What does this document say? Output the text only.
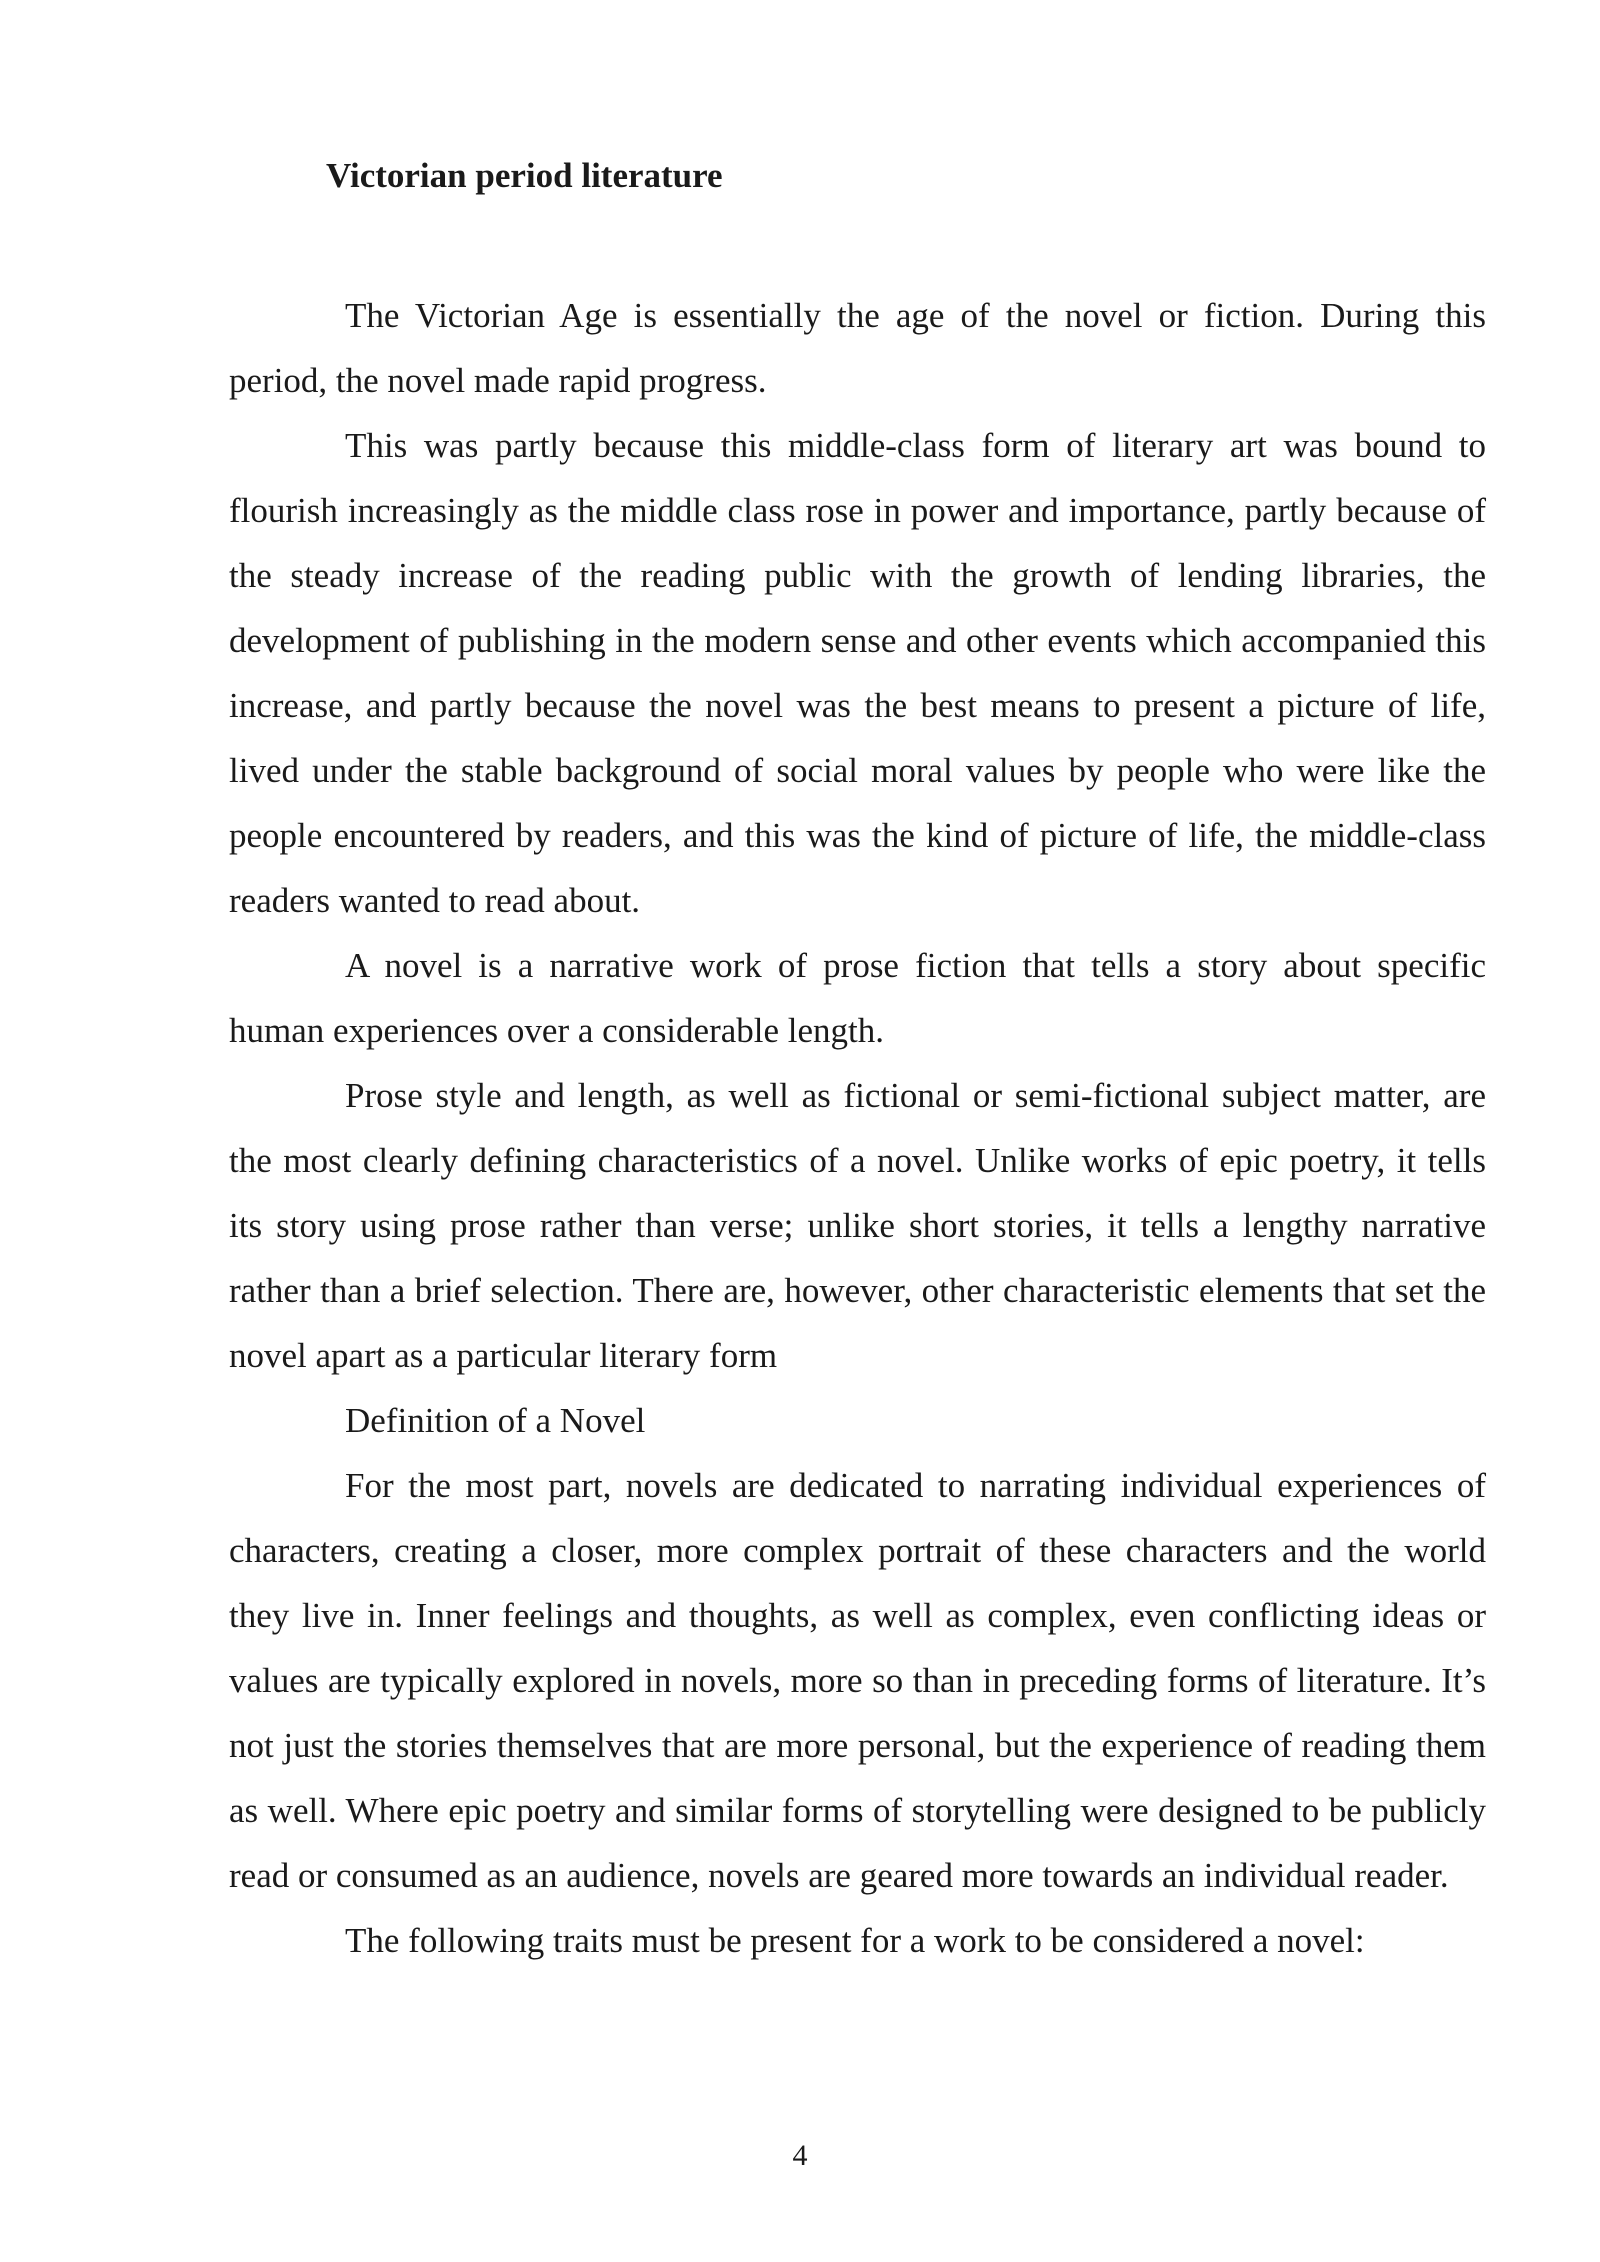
Victorian period literature

The Victorian Age is essentially the age of the novel or fiction. During this period, the novel made rapid progress.

This was partly because this middle-class form of literary art was bound to flourish increasingly as the middle class rose in power and importance, partly because of the steady increase of the reading public with the growth of lending libraries, the development of publishing in the modern sense and other events which accompanied this increase, and partly because the novel was the best means to present a picture of life, lived under the stable background of social moral values by people who were like the people encountered by readers, and this was the kind of picture of life, the middle-class readers wanted to read about.

A novel is a narrative work of prose fiction that tells a story about specific human experiences over a considerable length.

Prose style and length, as well as fictional or semi-fictional subject matter, are the most clearly defining characteristics of a novel. Unlike works of epic poetry, it tells its story using prose rather than verse; unlike short stories, it tells a lengthy narrative rather than a brief selection. There are, however, other characteristic elements that set the novel apart as a particular literary form

Definition of a Novel

For the most part, novels are dedicated to narrating individual experiences of characters, creating a closer, more complex portrait of these characters and the world they live in. Inner feelings and thoughts, as well as complex, even conflicting ideas or values are typically explored in novels, more so than in preceding forms of literature. It’s not just the stories themselves that are more personal, but the experience of reading them as well. Where epic poetry and similar forms of storytelling were designed to be publicly read or consumed as an audience, novels are geared more towards an individual reader.

The following traits must be present for a work to be considered a novel:

4
